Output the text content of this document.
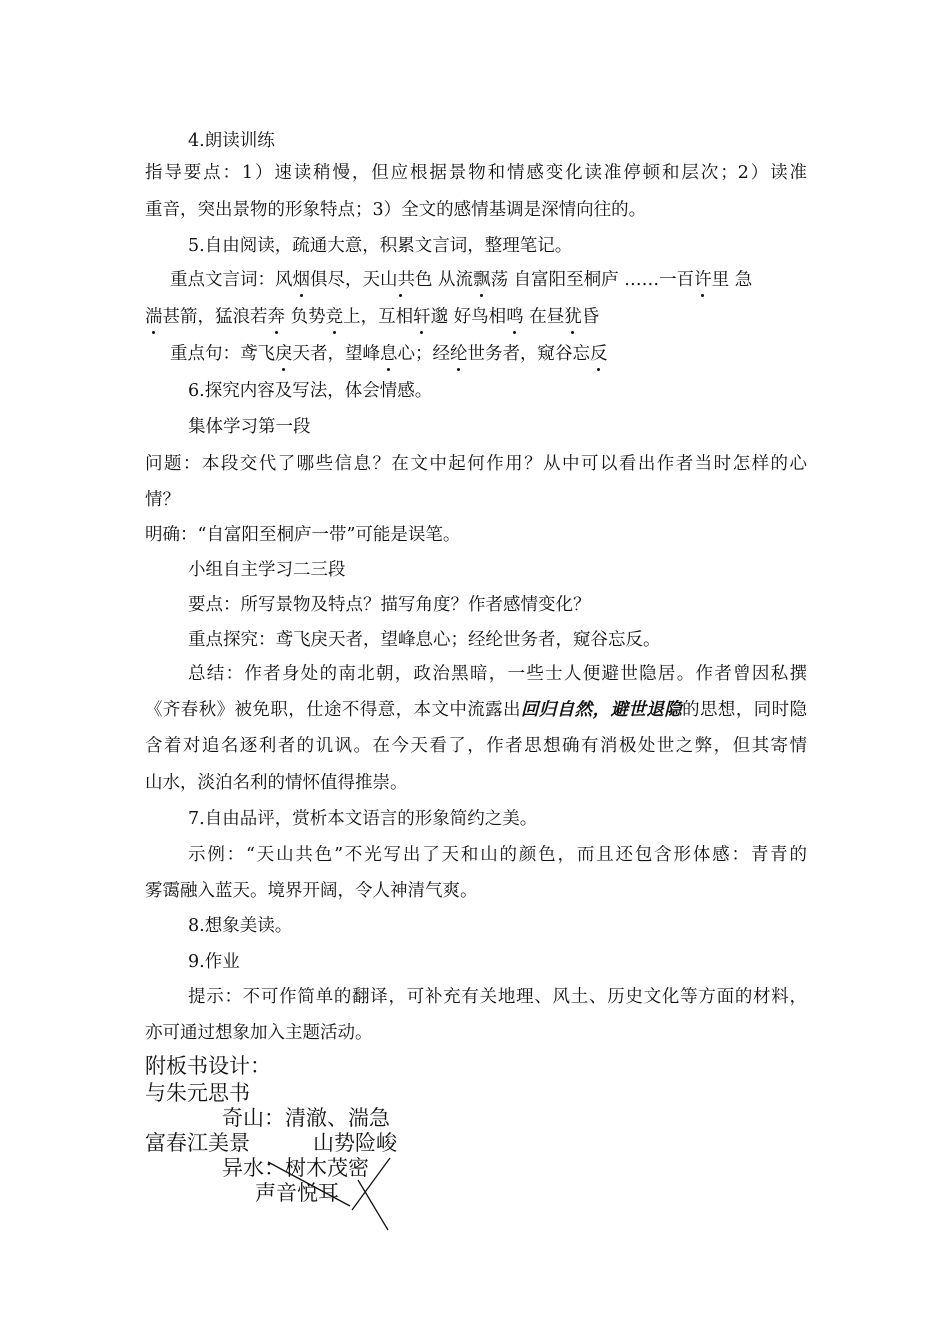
4.朗读训练
指导要点：1）速读稍慢，但应根据景物和情感变化读准停顿和层次；2）读准
重音，突出景物的形象特点；3）全文的感情基调是深情向往的。
5.自由阅读，疏通大意，积累文言词，整理笔记。
重点文言词：风烟俱尽，天山共色 从流飘荡 自富阳至桐庐 ……一百许里 急
湍甚箭，猛浪若奔 负势竞上，互相轩邈 好鸟相鸣 在昼犹昏
重点句：鸢飞戾天者，望峰息心；经纶世务者，窥谷忘反
6.探究内容及写法，体会情感。
集体学习第一段
问题：本段交代了哪些信息？在文中起何作用？从中可以看出作者当时怎样的心
情？
明确：“自富阳至桐庐一带”可能是误笔。
小组自主学习二三段
要点：所写景物及特点？描写角度？作者感情变化？
重点探究：鸢飞戾天者，望峰息心；经纶世务者，窥谷忘反。
总结：作者身处的南北朝，政治黑暗，一些士人便避世隐居。作者曾因私撰
《齐春秋》被免职，仕途不得意，本文中流露出回归自然，避世退隐的思想，同时隐
含着对追名逐利者的讥讽。在今天看了，作者思想确有消极处世之弊，但其寄情
山水，淡泊名利的情怀值得推崇。
7.自由品评，赏析本文语言的形象简约之美。
示例：“天山共色”不光写出了天和山的颜色，而且还包含形体感：青青的
雾霭融入蓝天。境界开阔，令人神清气爽。
8.想象美读。
9.作业
提示：不可作简单的翻译，可补充有关地理、风土、历史文化等方面的材料，
亦可通过想象加入主题活动。
附板书设计：
与朱元思书
奇山：清澈、湍急
富春江美景	山势险峻
异水：树木茂密
声音悦耳
